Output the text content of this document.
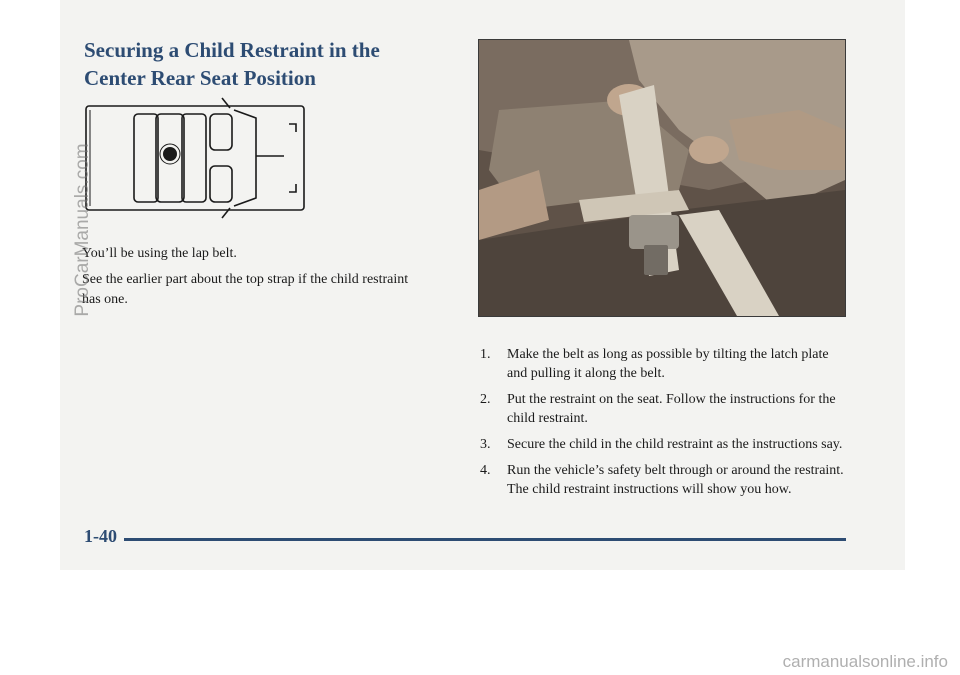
Securing a Child Restraint in the Center Rear Seat Position

You’ll be using the lap belt.

See the earlier part about the top strap if the child restraint has one.

1. Make the belt as long as possible by tilting the latch plate and pulling it along the belt.
2. Put the restraint on the seat. Follow the instructions for the child restraint.
3. Secure the child in the child restraint as the instructions say.
4. Run the vehicle’s safety belt through or around the restraint. The child restraint instructions will show you how.
1-40
ProCarManuals.com
carmanualsonline.info
